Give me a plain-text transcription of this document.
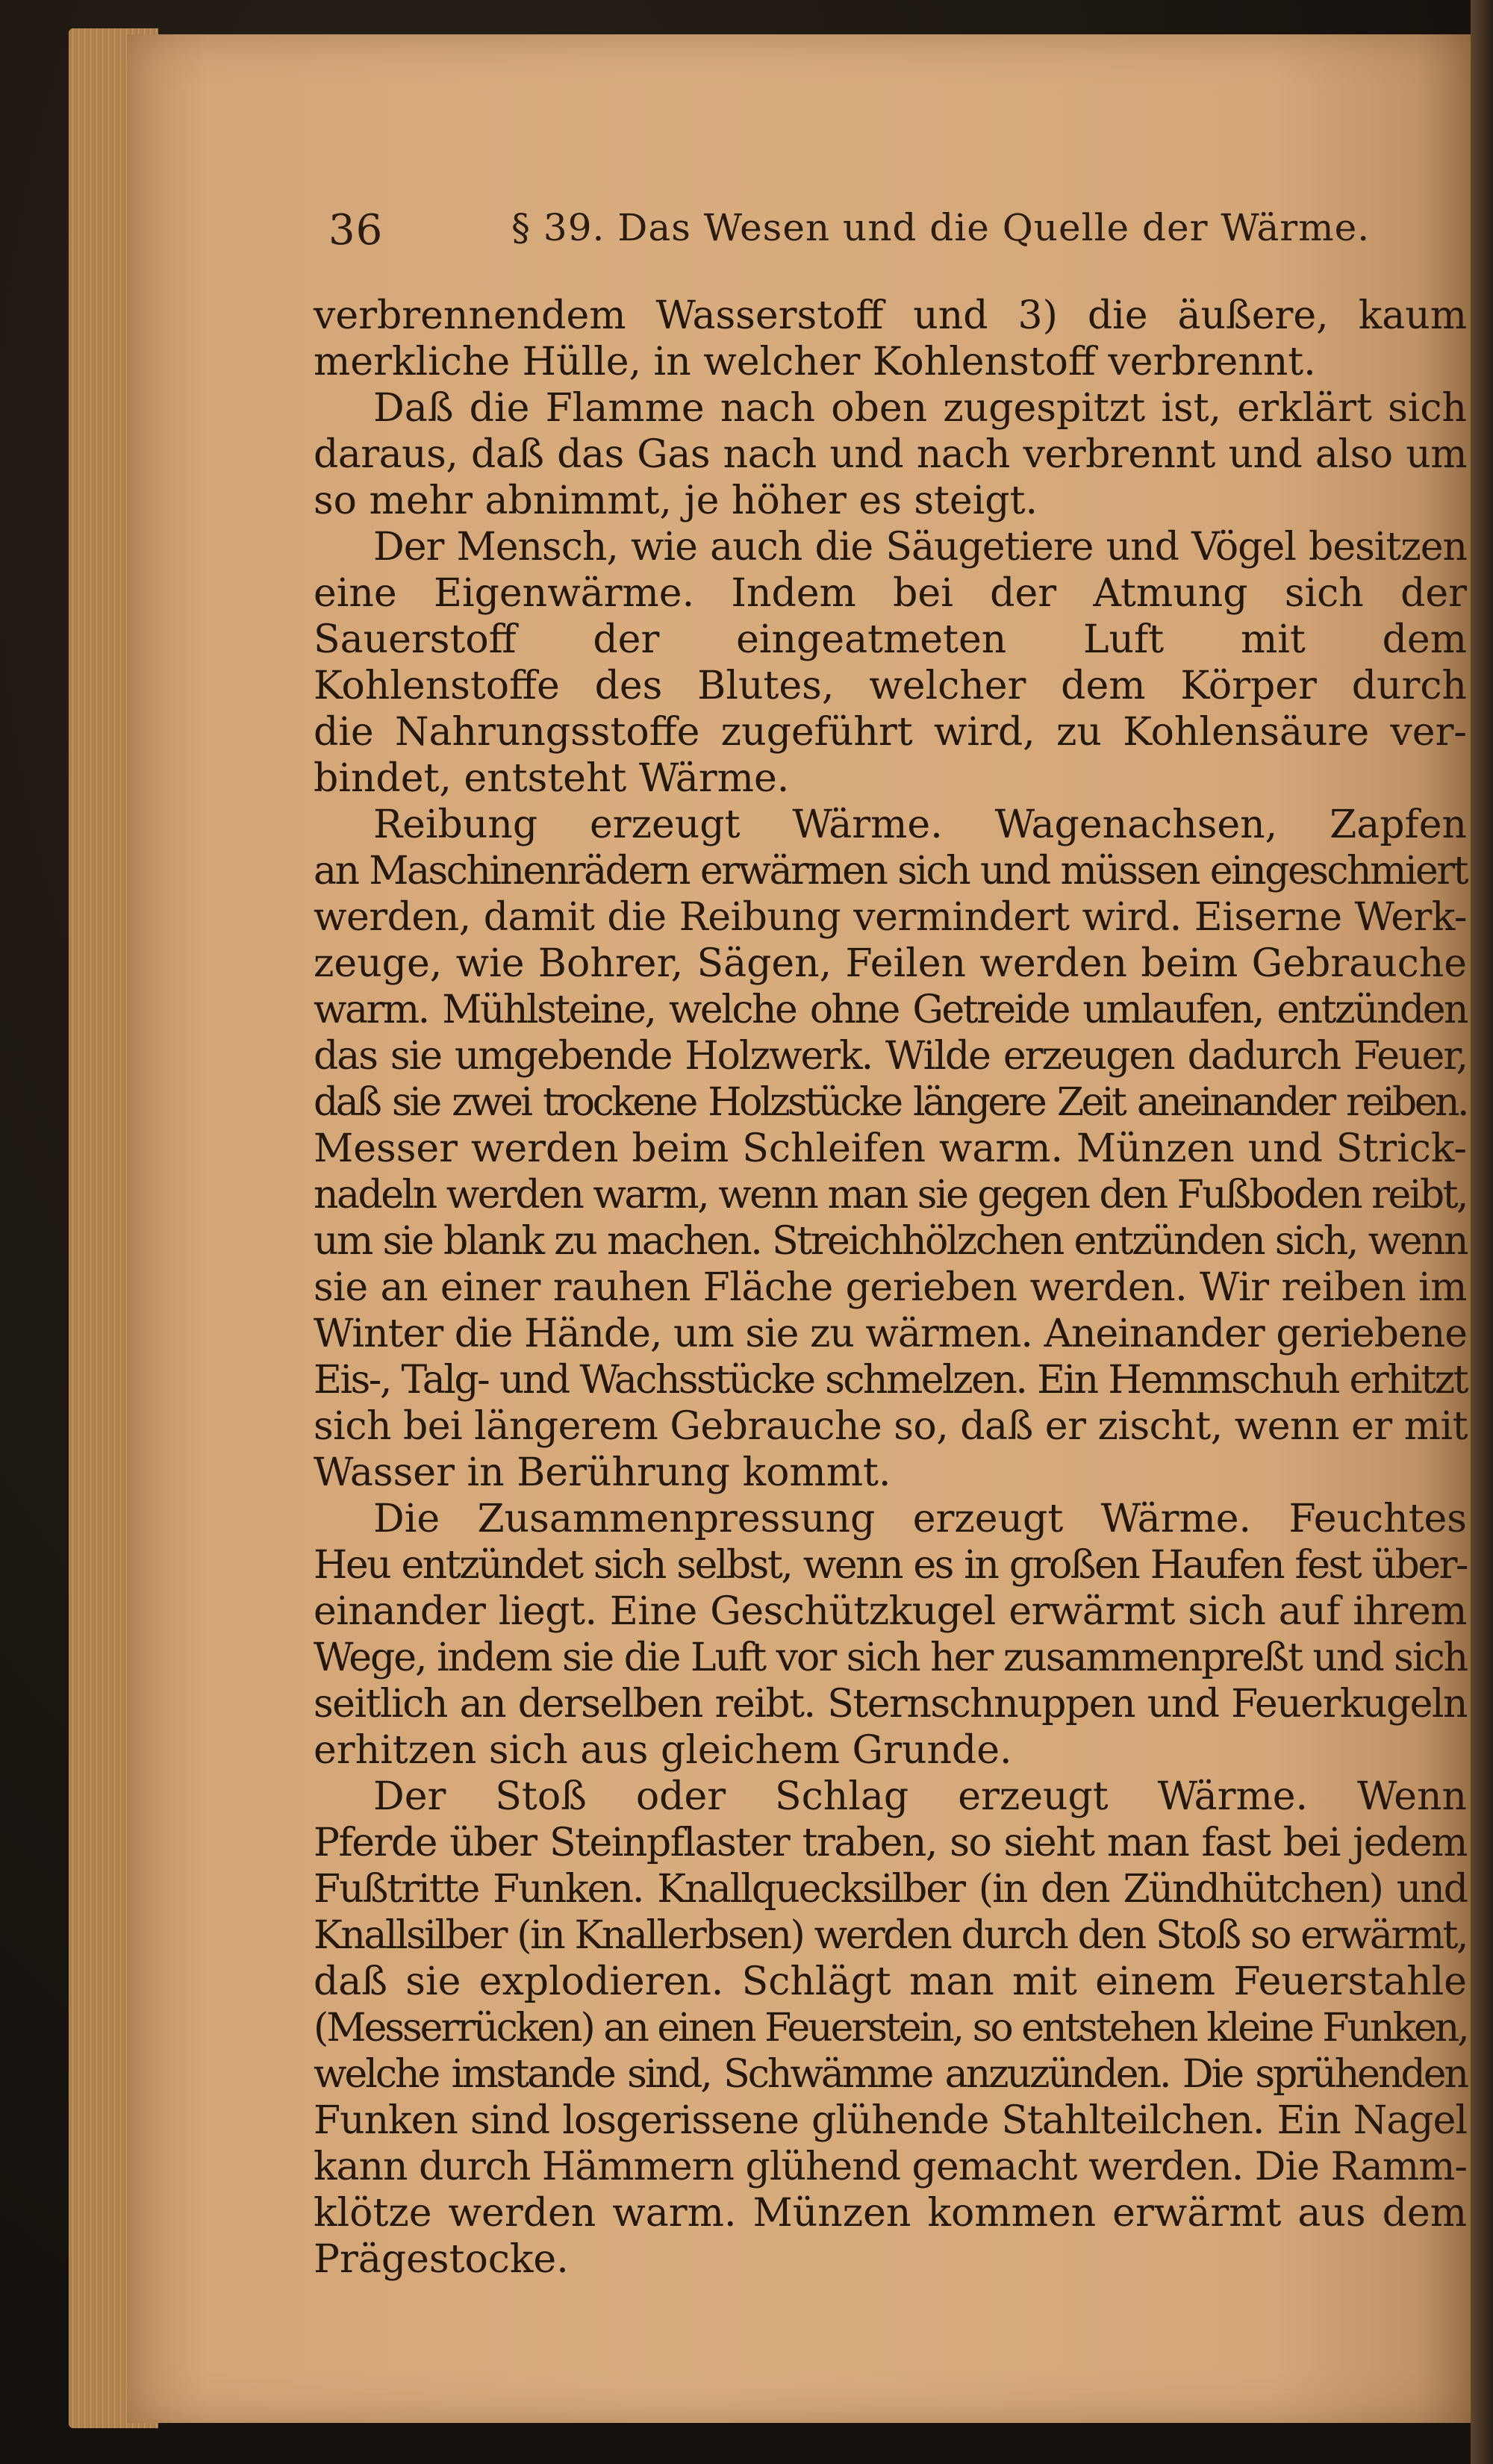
36	§ 39. Das Wesen und die Quelle der Wärme.
verbrennendem Wasserstoff und 3) die äußere, kaum
merkliche Hülle, in welcher Kohlenstoff verbrennt.
Daß die Flamme nach oben zugespitzt ist, erklärt sich
daraus, daß das Gas nach und nach verbrennt und also um
so mehr abnimmt, je höher es steigt.
Der Mensch, wie auch die Säugetiere und Vögel besitzen
eine Eigenwärme. Indem bei der Atmung sich der
Sauerstoff der eingeatmeten Luft mit dem
Kohlenstoffe des Blutes, welcher dem Körper durch
die Nahrungsstoffe zugeführt wird, zu Kohlensäure ver-
bindet, entsteht Wärme.
Reibung erzeugt Wärme. Wagenachsen, Zapfen
an Maschinenrädern erwärmen sich und müssen eingeschmiert
werden, damit die Reibung vermindert wird. Eiserne Werk-
zeuge, wie Bohrer, Sägen, Feilen werden beim Gebrauche
warm. Mühlsteine, welche ohne Getreide umlaufen, entzünden
das sie umgebende Holzwerk. Wilde erzeugen dadurch Feuer,
daß sie zwei trockene Holzstücke längere Zeit aneinander reiben.
Messer werden beim Schleifen warm. Münzen und Strick-
nadeln werden warm, wenn man sie gegen den Fußboden reibt,
um sie blank zu machen. Streichhölzchen entzünden sich, wenn
sie an einer rauhen Fläche gerieben werden. Wir reiben im
Winter die Hände, um sie zu wärmen. Aneinander geriebene
Eis-, Talg- und Wachsstücke schmelzen. Ein Hemmschuh erhitzt
sich bei längerem Gebrauche so, daß er zischt, wenn er mit
Wasser in Berührung kommt.
Die Zusammenpressung erzeugt Wärme. Feuchtes
Heu entzündet sich selbst, wenn es in großen Haufen fest über-
einander liegt. Eine Geschützkugel erwärmt sich auf ihrem
Wege, indem sie die Luft vor sich her zusammenpreßt und sich
seitlich an derselben reibt. Sternschnuppen und Feuerkugeln
erhitzen sich aus gleichem Grunde.
Der Stoß oder Schlag erzeugt Wärme. Wenn
Pferde über Steinpflaster traben, so sieht man fast bei jedem
Fußtritte Funken. Knallquecksilber (in den Zündhütchen) und
Knallsilber (in Knallerbsen) werden durch den Stoß so erwärmt,
daß sie explodieren. Schlägt man mit einem Feuerstahle
(Messerrücken) an einen Feuerstein, so entstehen kleine Funken,
welche imstande sind, Schwämme anzuzünden. Die sprühenden
Funken sind losgerissene glühende Stahlteilchen. Ein Nagel
kann durch Hämmern glühend gemacht werden. Die Ramm-
klötze werden warm. Münzen kommen erwärmt aus dem
Prägestocke.
